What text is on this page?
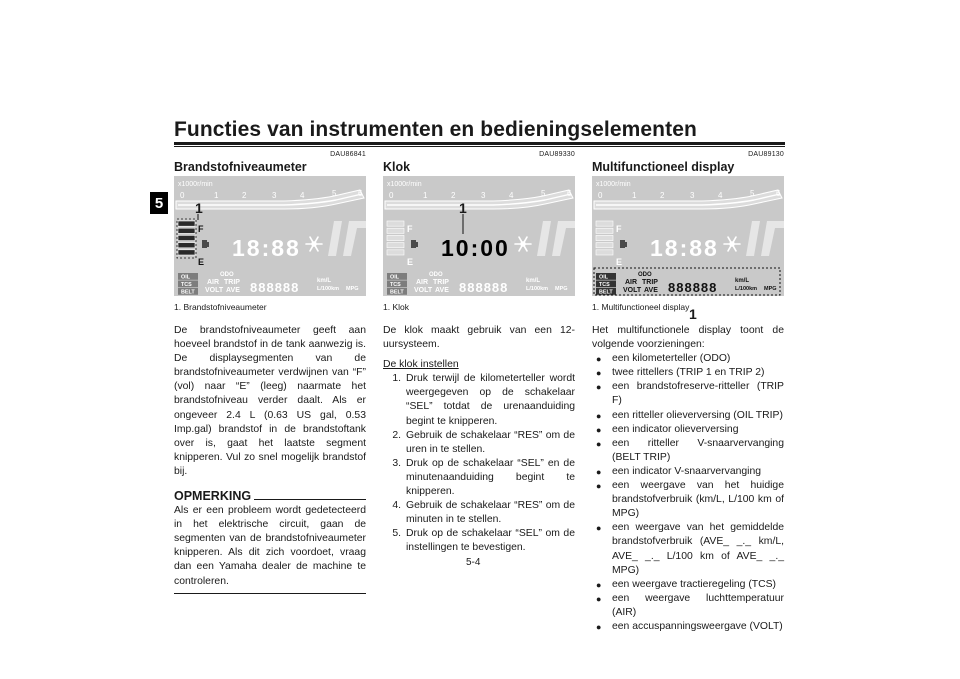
Functies van instrumenten en bedieningselementen
5
DAU86841
Brandstofniveaumeter
x1000r/min
0	1	2	3	4	5	6
F
E
18:88
OIL
TCS
BELT
ODO
AIR TRIP
VOLT AVE 888888	km/L
L/100km MPG
1
1. Brandstofniveaumeter

De brandstofniveaumeter geeft aan hoeveel brandstof in de tank aanwezig is. De displaysegmenten van de brandstofniveaumeter verdwijnen van “F” (vol) naar “E” (leeg) naarmate het brandstofniveau verder daalt. Als er ongeveer 2.4 L (0.63 US gal, 0.53 Imp.gal) brandstof in de brandstoftank over is, gaat het laatste segment knipperen. Vul zo snel mogelijk brandstof bij.

OPMERKING

Als er een probleem wordt gedetecteerd in het elektrische circuit, gaan de segmenten van de brandstofniveaumeter knipperen. Als dit zich voordoet, vraag dan een Yamaha dealer de machine te controleren.

DAU89330
Klok
x1000r/min
0	1	2	3	4	5	6
F
E
10:00
OIL
TCS
BELT
ODO
AIR TRIP
VOLT AVE 888888	km/L
L/100km MPG
1
1. Klok

De klok maakt gebruik van een 12-uursysteem.

De klok instellen
1. Druk terwijl de kilometerteller wordt weergegeven op de schakelaar “SEL” totdat de urenaanduiding begint te knipperen.
2. Gebruik de schakelaar “RES” om de uren in te stellen.
3. Druk op de schakelaar “SEL” en de minutenaanduiding begint te knipperen.
4. Gebruik de schakelaar “RES” om de minuten in te stellen.
5. Druk op de schakelaar “SEL” om de instellingen te bevestigen.
DAU89130
Multifunctioneel display
x1000r/min
0	1	2	3	4	5	6
F
E
18:88
OIL
TCS
BELT
ODO
AIR TRIP
VOLT AVE 888888	km/L
L/100km MPG
1
1. Multifunctioneel display

Het multifunctionele display toont de volgende voorzieningen:

●	een kilometerteller (ODO)
●	twee rittellers (TRIP 1 en TRIP 2)
●	een brandstofreserve-ritteller (TRIP F)
●	een ritteller olieverversing (OIL TRIP)
●	een indicator olieverversing
●	een ritteller V-snaarvervanging (BELT TRIP)
●	een indicator V-snaarvervanging
●	een weergave van het huidige brandstofverbruik (km/L, L/100 km of MPG)
●	een weergave van het gemiddelde brandstofverbruik (AVE_ _._ km/L, AVE_ _._ L/100 km of AVE_ _._ MPG)
●	een weergave tractieregeling (TCS)
●	een weergave luchttemperatuur (AIR)
●	een accuspanningsweergave (VOLT)
5-4
